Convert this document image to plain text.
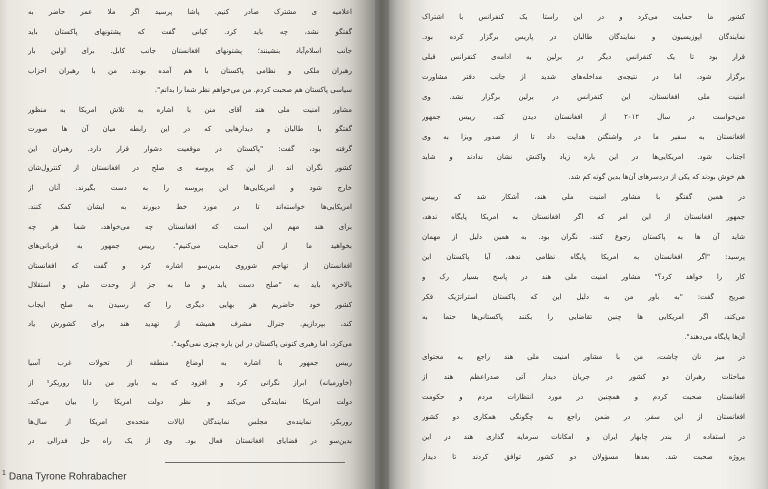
اعلامیه ی مشترک صادر کنیم. پاشا پرسید اگر ملا عمر حاضر به
گفتگو نشد، چه باید کرد. کیانی گفت که پشتونهای پاکستان باید
جانب اسلام‌آباد بنشینند؛ پشتونهای افغانستان جانب کابل. برای اولین بار
رهبران ملکی و نظامی پاکستان با هم آمده بودند. من با رهبران احزاب
سیاسی پاکستان هم صحبت کردم. من می‌خواهم نظر شما را بدانم".
مشاور امنیت ملی هند آقای منن با اشاره به تلاش امریکا به منظور
گفتگو با طالبان و دیدارهایی که در این رابطه میان آن ها صورت
گرفته بود، گفت: "پاکستان در موقعیت دشوار قرار دارد. رهبران این
کشور نگران اند از این که پروسه ی صلح در افغانستان از کنترول‌شان
خارج شود و امریکایی‌ها این پروسه را به دست بگیرند. آنان از
امریکایی‌ها خواسته‌اند تا در مورد خط دیورند به ایشان کمک کنند.
برای هند مهم این است که افغانستان چه می‌خواهد، شما هر چه
بخواهید ما از آن حمایت می‌کنیم". رییس جمهور به قربانی‌های
افغانستان از تهاجم شوروی بدین‌سو اشاره کرد و گفت که افغانستان
بالاخره باید به "صلح دست یابد و ما به جز از وحدت ملی و استقلال
کشور خود حاضریم هر بهایی دیگری را که رسیدن به صلح ایجاب
کند، بپردازیم. جنرال مشرف همیشه از تهدید هند برای کشورش یاد
می‌کرد، اما رهبری کنونی پاکستان در این باره چیزی نمی‌گوید".
رییس جمهور با اشاره به اوضاع منطقه از تحولات غرب آسیا
(خاورمیانه) ابراز نگرانی کرد و افزود که به باور من دانا روربکر¹ از
دولت امریکا نمایندگی می‌کند و نظر دولت امریکا را بیان می‌کند.
روربکر، نماینده‌ی مجلس نمایندگان ایالات متحده‌ی امریکا از سال‌ها
بدین‌سو در قضایای افغانستان فعال بود. وی از یک راه حل فدرالی در
$^1$ Dana Tyrone Rohrabacher
کشور ما حمایت می‌کرد و در این راستا یک کنفرانس با اشتراک
نمایندگان اپوزیسیون و نمایندگان طالبان در پاریس برگزار کرده بود.
قرار بود تا یک کنفرانس دیگر در برلین به ادامه‌ی کنفرانس قبلی
برگزار شود، اما در نتیجه‌ی مداخله‌های شدید از جانب دفتر مشاورت
امنیت ملی افغانستان، این کنفرانس در برلین برگزار نشد. وی
می‌خواست در سال ۲۰۱۲ از افغانستان دیدن کند، رییس جمهور
افغانستان به سفیر ما در واشنگتن هدایت داد تا از صدور ویزا به وی
اجتناب شود. امریکایی‌ها در این باره زیاد واکنش نشان ندادند و شاید
هم خوش بودند که یکی از دردسرهای آن‌ها بدین گونه کم شد.
در همین گفتگو با مشاور امنیت ملی هند، آشکار شد که رییس
جمهور افغانستان از این امر که اگر افغانستان به امریکا پایگاه ندهد،
شاید آن ها به پاکستان رجوع کنند، نگران بود. به همین دلیل از مهمان
پرسید: "اگر افغانستان به امریکا پایگاه نظامی ندهد، آیا پاکستان این
کار را خواهد کرد؟" مشاور امنیت ملی هند در پاسخ بسیار رک و
صریح گفت: "به باور من به دلیل این که پاکستان استراتژیک فکر
می‌کند، اگر امریکایی ها چنین تقاضایی را بکنند پاکستانی‌ها حتما به
آن‌ها پایگاه می‌دهند".
در میز نان چاشت، من با مشاور امنیت ملی هند راجع به محتوای
مباحثات رهبران دو کشور در جریان دیدار آتی صدراعظم هند از
افغانستان صحبت کردم و همچنین در مورد انتظارات مردم و حکومت
افغانستان از این سفر. در ضمن راجع به چگونگی همکاری دو کشور
در استفاده از بندر چابهار ایران و امکانات سرمایه گذاری هند در این
پروژه صحبت شد. بعدها مسؤولان دو کشور توافق کردند تا دیدار
